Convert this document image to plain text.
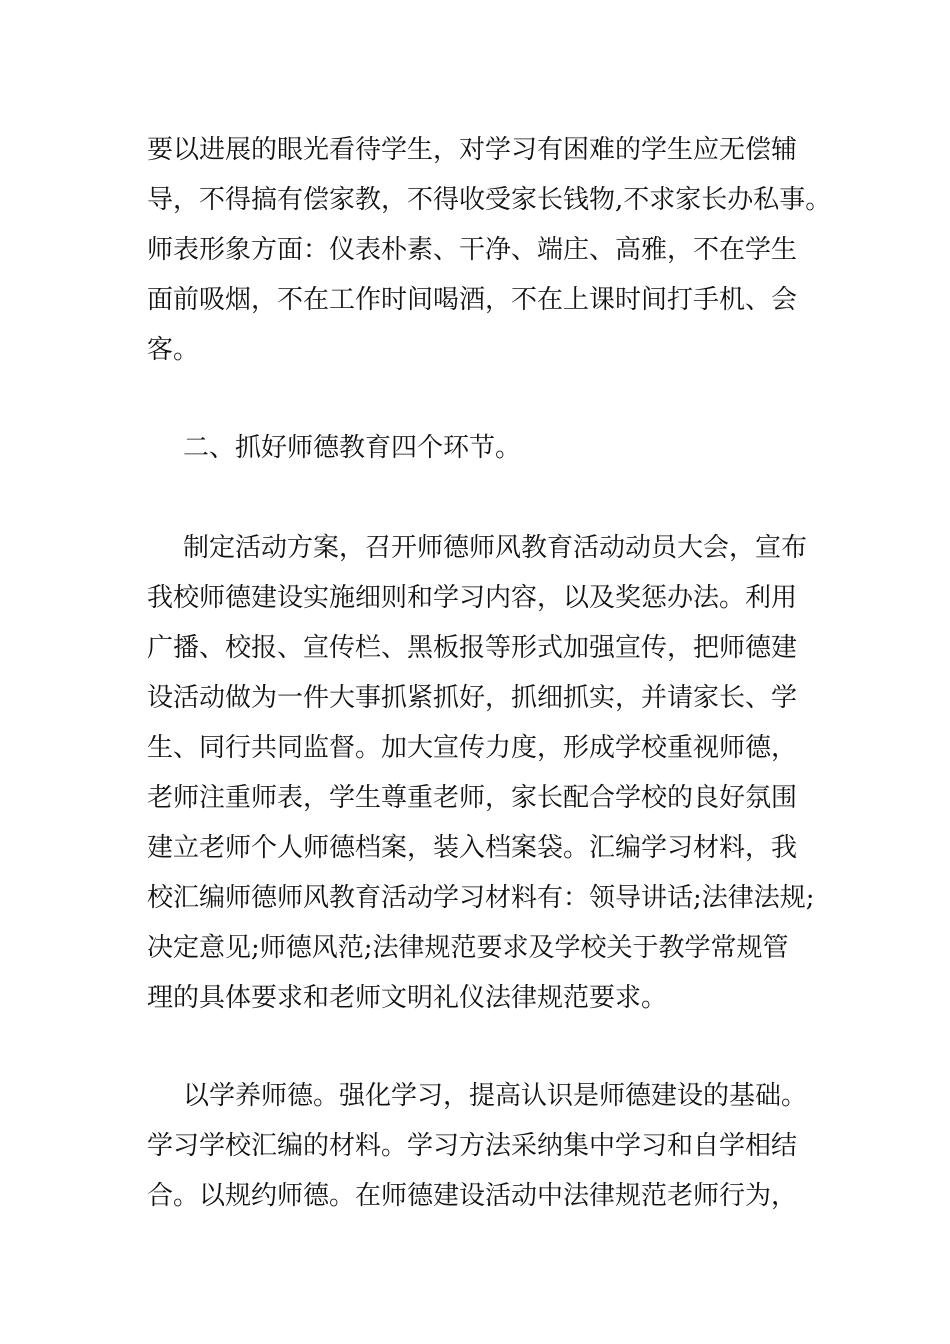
要以进展的眼光看待学生，对学习有困难的学生应无偿辅
导，不得搞有偿家教，不得收受家长钱物,不求家长办私事。
师表形象方面：仪表朴素、干净、端庄、高雅，不在学生
面前吸烟，不在工作时间喝酒，不在上课时间打手机、会
客。
二、抓好师德教育四个环节。
制定活动方案，召开师德师风教育活动动员大会，宣布
我校师德建设实施细则和学习内容，以及奖惩办法。利用
广播、校报、宣传栏、黑板报等形式加强宣传，把师德建
设活动做为一件大事抓紧抓好，抓细抓实，并请家长、学
生、同行共同监督。加大宣传力度，形成学校重视师德，
老师注重师表，学生尊重老师，家长配合学校的良好氛围
建立老师个人师德档案，装入档案袋。汇编学习材料，我
校汇编师德师风教育活动学习材料有：领导讲话;法律法规;
决定意见;师德风范;法律规范要求及学校关于教学常规管
理的具体要求和老师文明礼仪法律规范要求。
以学养师德。强化学习，提高认识是师德建设的基础。
学习学校汇编的材料。学习方法采纳集中学习和自学相结
合。以规约师德。在师德建设活动中法律规范老师行为，
